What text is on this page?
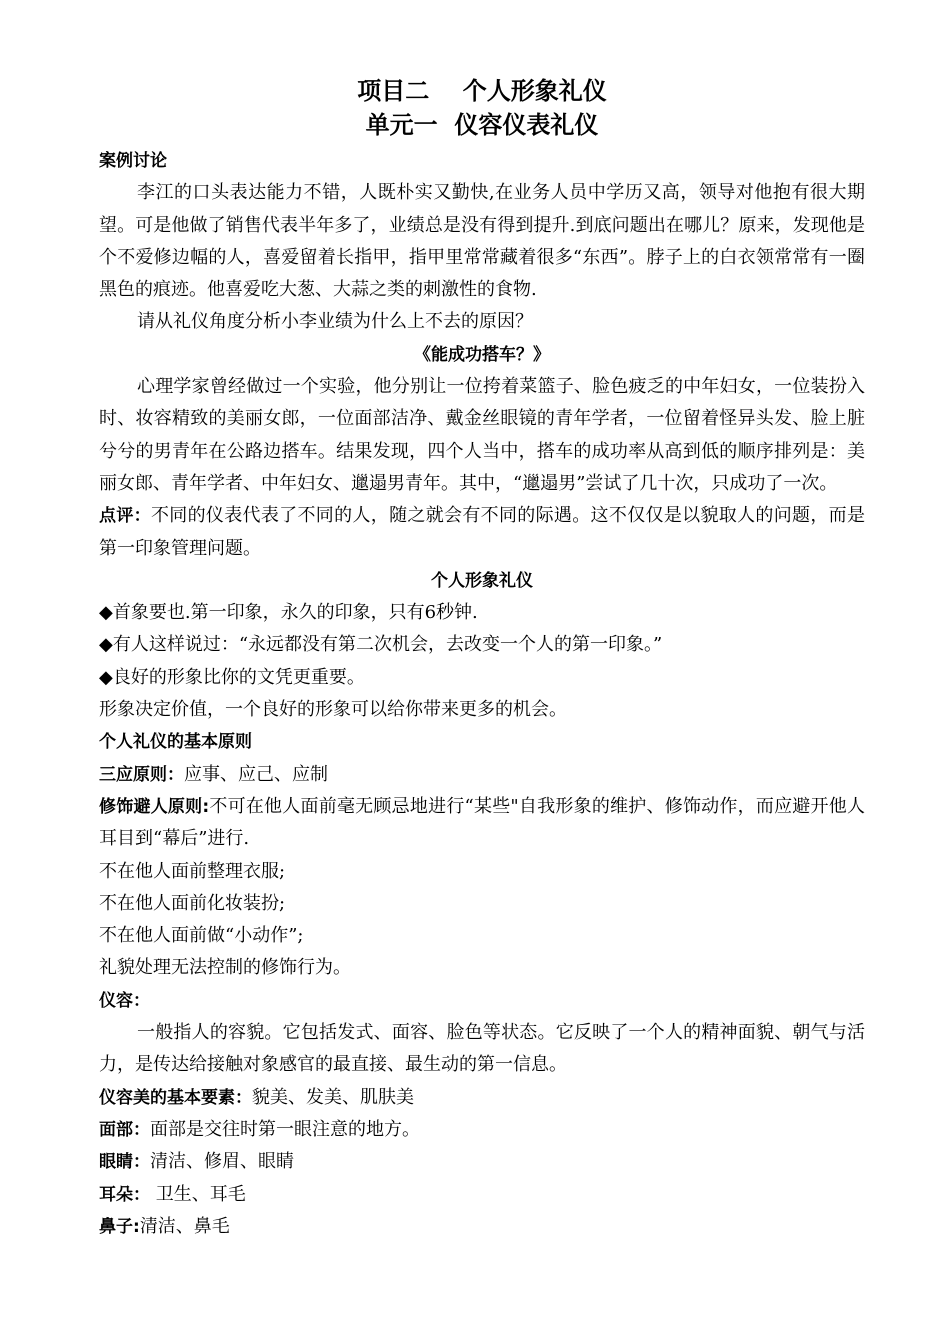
项目二    个人形象礼仪

单元一  仪容仪表礼仪

案例讨论

李江的口头表达能力不错，人既朴实又勤快,在业务人员中学历又高，领导对他抱有很大期望。可是他做了销售代表半年多了，业绩总是没有得到提升.到底问题出在哪儿？原来，发现他是个不爱修边幅的人，喜爱留着长指甲，指甲里常常藏着很多“东西”。脖子上的白衣领常常有一圈黑色的痕迹。他喜爱吃大葱、大蒜之类的刺激性的食物.

请从礼仪角度分析小李业绩为什么上不去的原因？

《能成功搭车？》

心理学家曾经做过一个实验，他分别让一位挎着菜篮子、脸色疲乏的中年妇女，一位装扮入时、妆容精致的美丽女郎，一位面部洁净、戴金丝眼镜的青年学者，一位留着怪异头发、脸上脏兮兮的男青年在公路边搭车。结果发现，四个人当中，搭车的成功率从高到低的顺序排列是：美丽女郎、青年学者、中年妇女、邋遢男青年。其中，“邋遢男”尝试了几十次，只成功了一次。

点评：不同的仪表代表了不同的人，随之就会有不同的际遇。这不仅仅是以貌取人的问题，而是第一印象管理问题。

个人形象礼仪

◆首象要也.第一印象，永久的印象，只有6秒钟.

◆有人这样说过：“永远都没有第二次机会，去改变一个人的第一印象。”

◆良好的形象比你的文凭更重要。

形象决定价值，一个良好的形象可以给你带来更多的机会。

个人礼仪的基本原则

三应原则：应事、应己、应制

修饰避人原则:不可在他人面前毫无顾忌地进行“某些"自我形象的维护、修饰动作，而应避开他人耳目到“幕后”进行.

不在他人面前整理衣服;

不在他人面前化妆装扮;

不在他人面前做“小动作”;

礼貌处理无法控制的修饰行为。

仪容：

一般指人的容貌。它包括发式、面容、脸色等状态。它反映了一个人的精神面貌、朝气与活力，是传达给接触对象感官的最直接、最生动的第一信息。

仪容美的基本要素：貌美、发美、肌肤美

面部：面部是交往时第一眼注意的地方。

眼睛：清洁、修眉、眼睛

耳朵： 卫生、耳毛

鼻子:清洁、鼻毛
